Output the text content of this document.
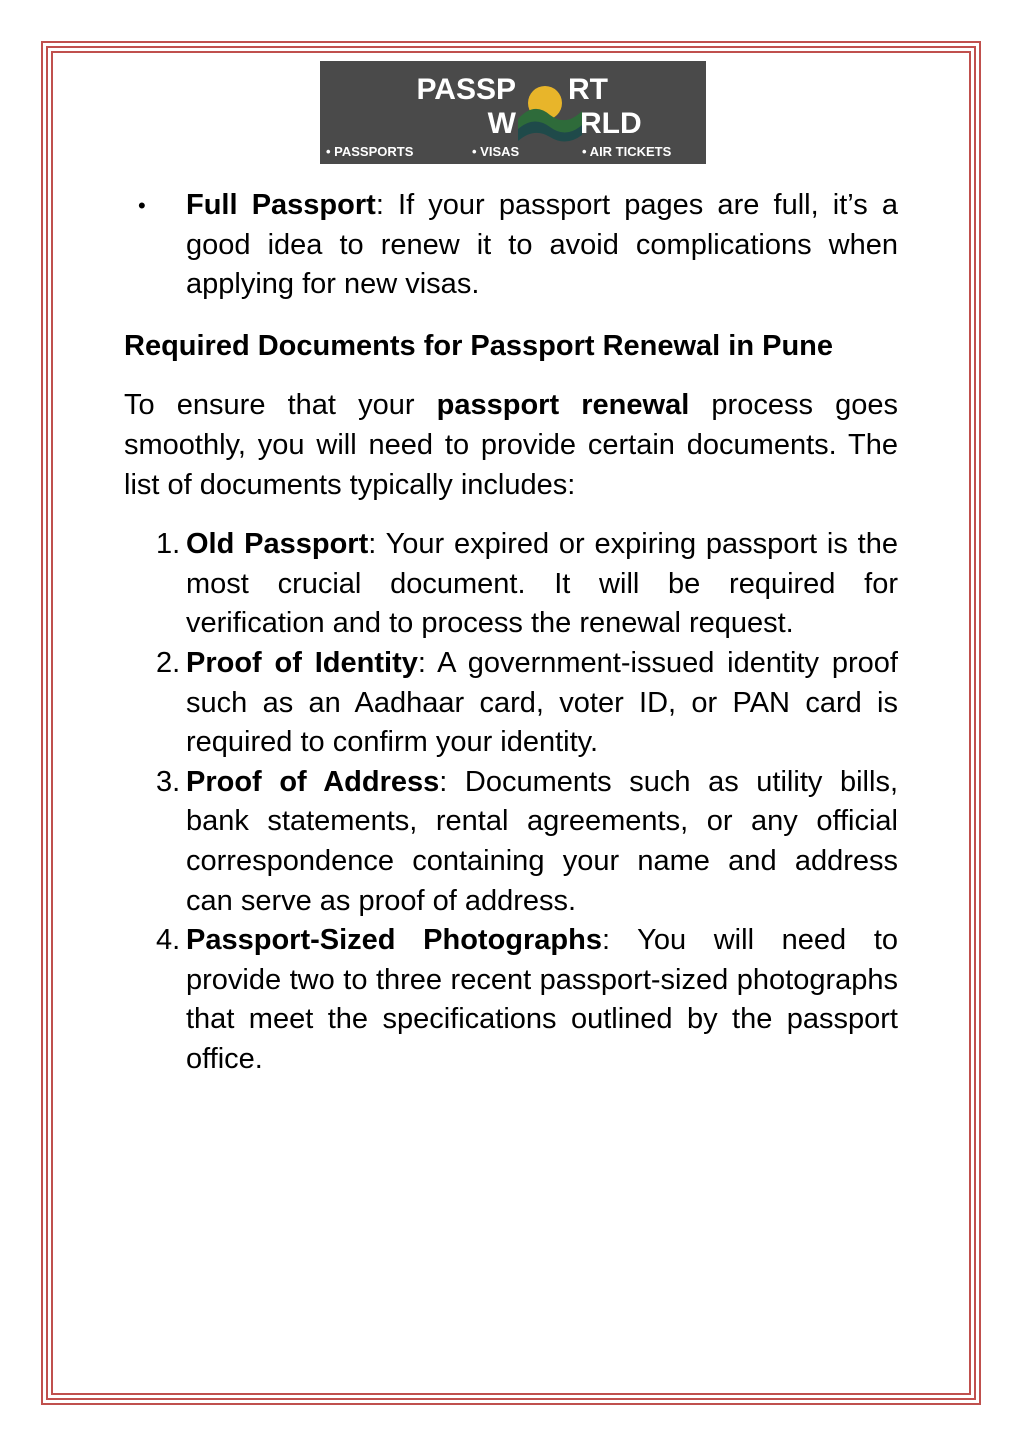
PASSP RT
W RLD
• PASSPORTS	• VISAS	• AIR TICKETS

• Full Passport: If your passport pages are full, it’s a good idea to renew it to avoid complications when applying for new visas.

Required Documents for Passport Renewal in Pune

To ensure that your passport renewal process goes smoothly, you will need to provide certain documents. The list of documents typically includes:

1. Old Passport: Your expired or expiring passport is the most crucial document. It will be required for verification and to process the renewal request.
2. Proof of Identity: A government-issued identity proof such as an Aadhaar card, voter ID, or PAN card is required to confirm your identity.
3. Proof of Address: Documents such as utility bills, bank statements, rental agreements, or any official correspondence containing your name and address can serve as proof of address.
4. Passport-Sized Photographs: You will need to provide two to three recent passport-sized photographs that meet the specifications outlined by the passport office.
